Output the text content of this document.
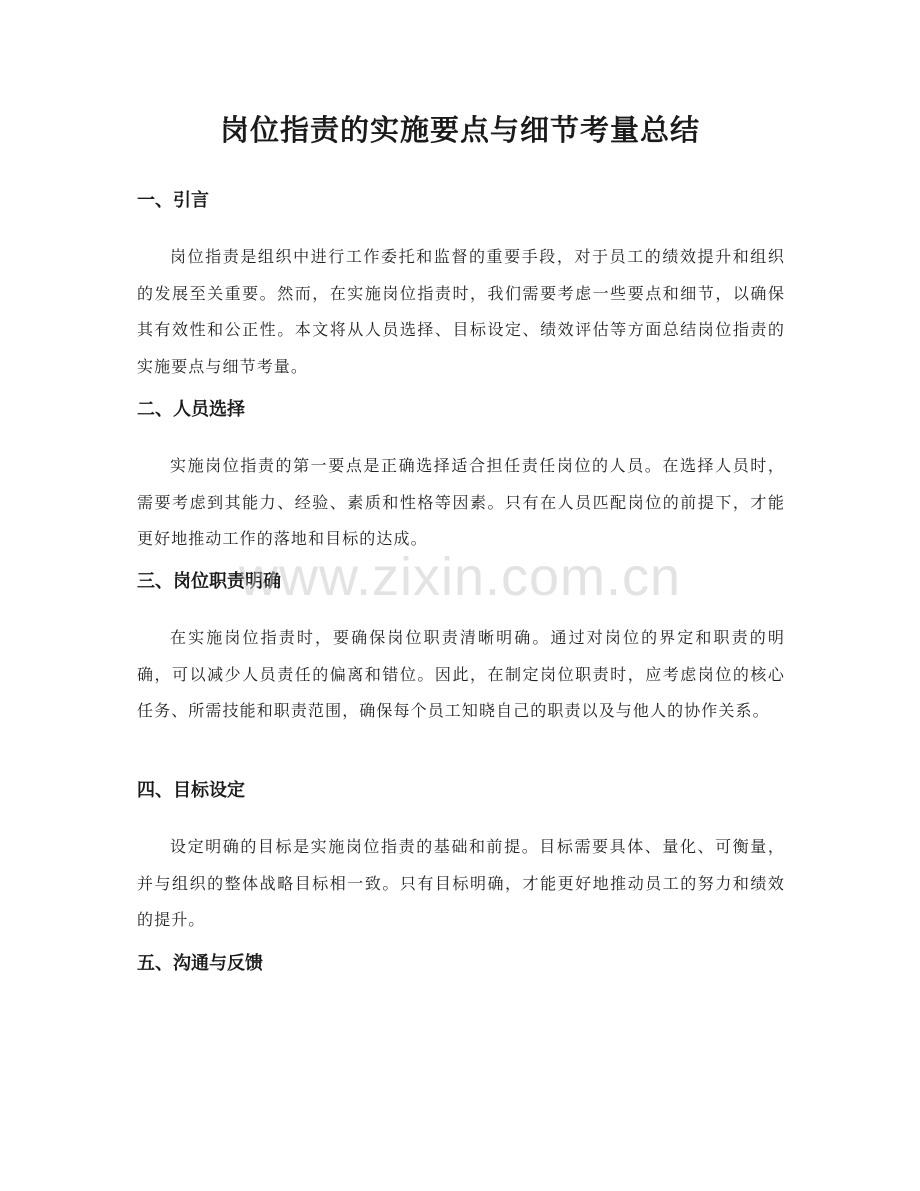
岗位指责的实施要点与细节考量总结
一、引言

岗位指责是组织中进行工作委托和监督的重要手段，对于员工的绩效提升和组织的发展至关重要。然而，在实施岗位指责时，我们需要考虑一些要点和细节，以确保其有效性和公正性。本文将从人员选择、目标设定、绩效评估等方面总结岗位指责的实施要点与细节考量。

二、人员选择

实施岗位指责的第一要点是正确选择适合担任责任岗位的人员。在选择人员时，需要考虑到其能力、经验、素质和性格等因素。只有在人员匹配岗位的前提下，才能更好地推动工作的落地和目标的达成。

三、岗位职责明确

在实施岗位指责时，要确保岗位职责清晰明确。通过对岗位的界定和职责的明确，可以减少人员责任的偏离和错位。因此，在制定岗位职责时，应考虑岗位的核心任务、所需技能和职责范围，确保每个员工知晓自己的职责以及与他人的协作关系。

四、目标设定

设定明确的目标是实施岗位指责的基础和前提。目标需要具体、量化、可衡量，并与组织的整体战略目标相一致。只有目标明确，才能更好地推动员工的努力和绩效的提升。

五、沟通与反馈
www.zixin.com.cn
